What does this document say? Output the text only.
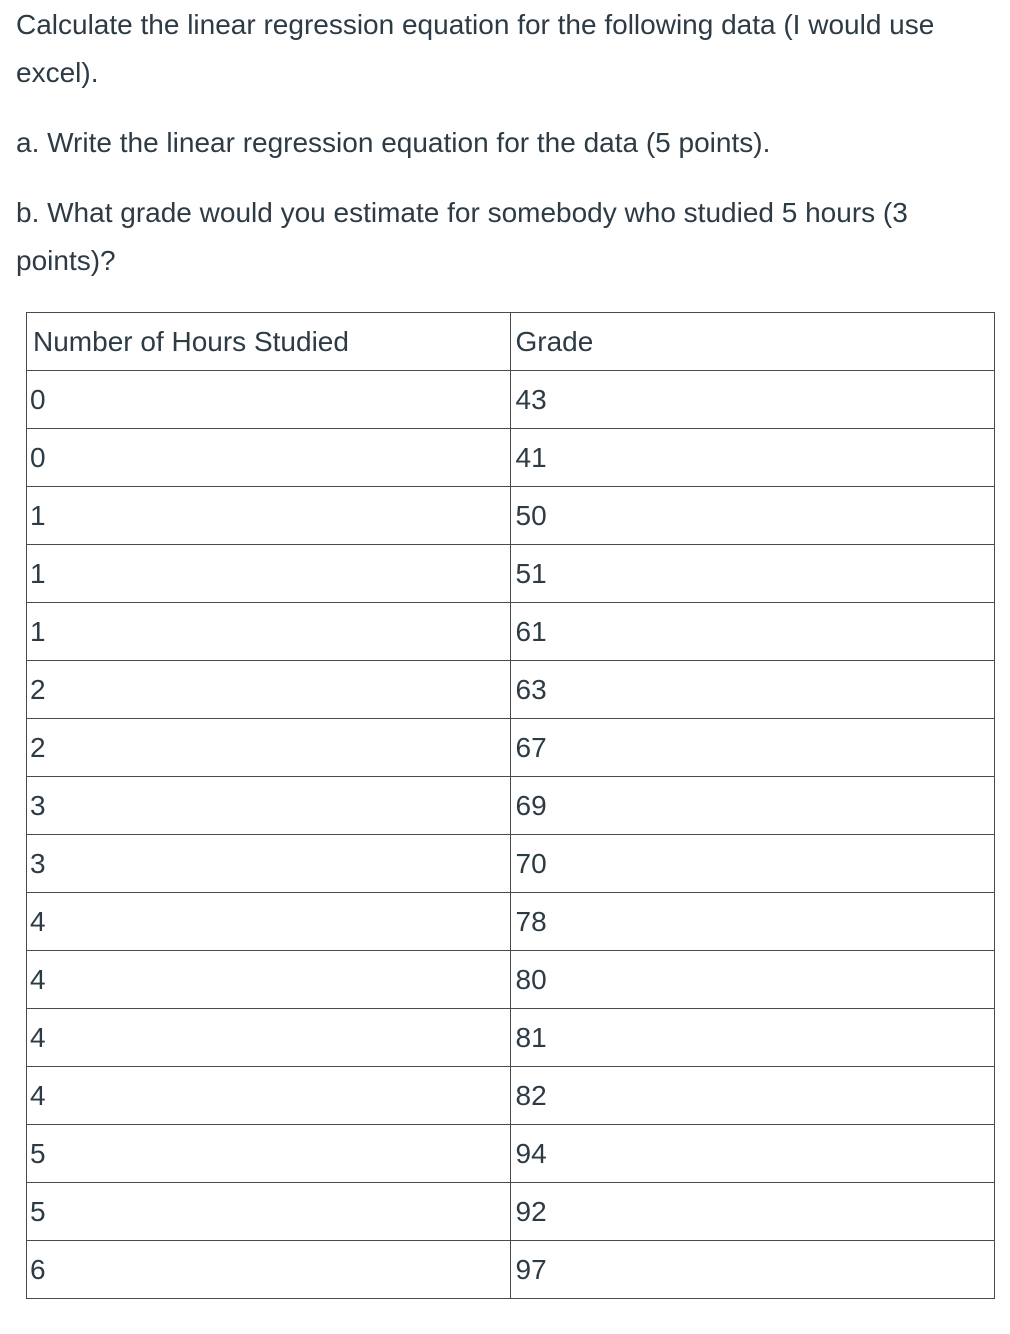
Calculate the linear regression equation for the following data (I would use excel).

a. Write the linear regression equation for the data (5 points).

b. What grade would you estimate for somebody who studied 5 hours (3 points)?

Number of Hours Studied	Grade
0	43
0	41
1	50
1	51
1	61
2	63
2	67
3	69
3	70
4	78
4	80
4	81
4	82
5	94
5	92
6	97
